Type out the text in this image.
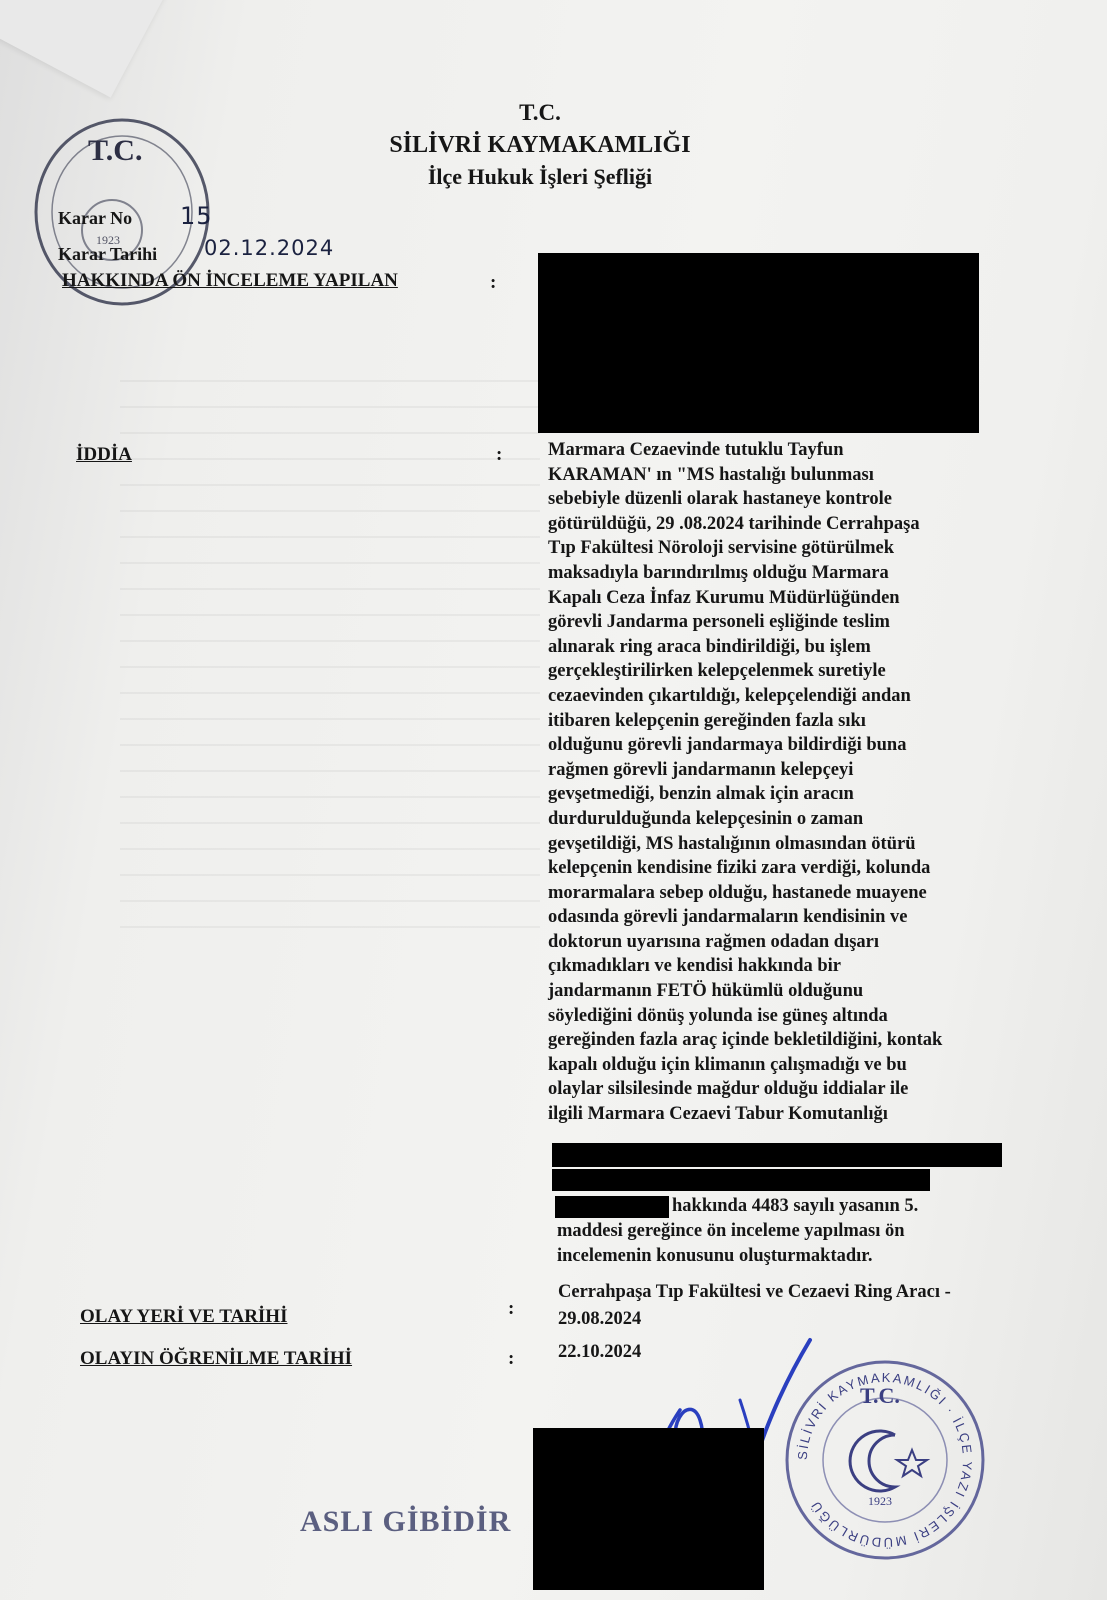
T.C.
SİLİVRİ KAYMAKAMLIĞI
İlçe Hukuk İşleri Şefliği
T.C.
1923
Karar No 15
Karar Tarihi 02.12.2024
HAKKINDA ÖN İNCELEME YAPILAN	:
İDDİA	: Marmara Cezaevinde tutuklu Tayfun
KARAMAN' ın "MS hastalığı bulunması
sebebiyle düzenli olarak hastaneye kontrole
götürüldüğü, 29 .08.2024 tarihinde Cerrahpaşa
Tıp Fakültesi Nöroloji servisine götürülmek
maksadıyla barındırılmış olduğu Marmara
Kapalı Ceza İnfaz Kurumu Müdürlüğünden
görevli Jandarma personeli eşliğinde teslim
alınarak ring araca bindirildiği, bu işlem
gerçekleştirilirken kelepçelenmek suretiyle
cezaevinden çıkartıldığı, kelepçelendiği andan
itibaren kelepçenin gereğinden fazla sıkı
olduğunu görevli jandarmaya bildirdiği buna
rağmen görevli jandarmanın kelepçeyi
gevşetmediği, benzin almak için aracın
durdurulduğunda kelepçesinin o zaman
gevşetildiği, MS hastalığının olmasından ötürü
kelepçenin kendisine fiziki zara verdiği, kolunda
morarmalara sebep olduğu, hastanede muayene
odasında görevli jandarmaların kendisinin ve
doktorun uyarısına rağmen odadan dışarı
çıkmadıkları ve kendisi hakkında bir
jandarmanın FETÖ hükümlü olduğunu
söylediğini dönüş yolunda ise güneş altında
gereğinden fazla araç içinde bekletildiğini, kontak
kapalı olduğu için klimanın çalışmadığı ve bu
olaylar silsilesinde mağdur olduğu iddialar ile
ilgili Marmara Cezaevi Tabur Komutanlığı

hakkında 4483 sayılı yasanın 5.

maddesi gereğince ön inceleme yapılması ön
incelemenin konusunu oluşturmaktadır.

OLAY YERİ VE TARİHİ	:
Cerrahpaşa Tıp Fakültesi ve Cezaevi Ring Aracı -
29.08.2024
OLAYIN ÖĞRENİLME TARİHİ	: 22.10.2024
SİLİVRİ KAYMAKAMLIĞI · İLÇE YAZI İŞLERİ MÜDÜRLÜĞÜ
T.C.
1923
ASLI GİBİDİR
